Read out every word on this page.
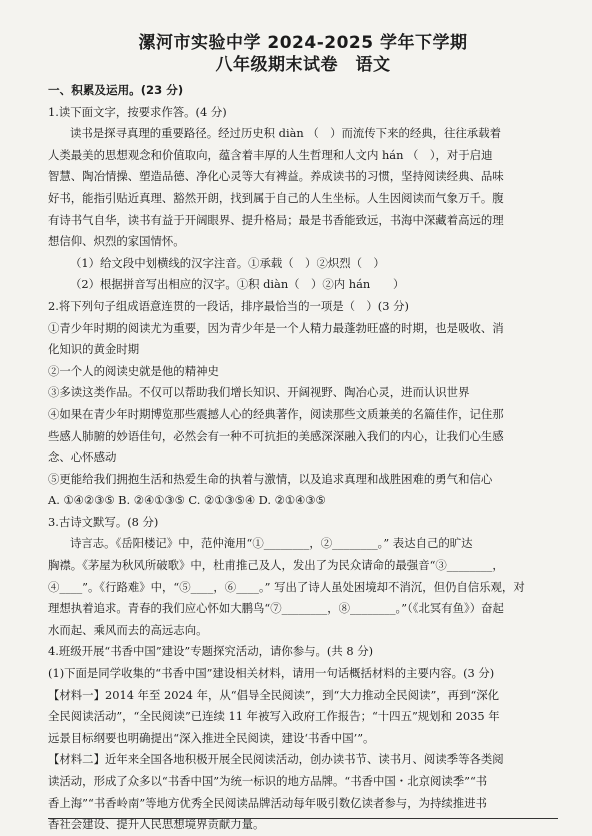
漯河市实验中学 2024-2025 学年下学期
八年级期末试卷　语文
一、积累及运用。(23 分)
1.读下面文字，按要求作答。(4 分)
读书是探寻真理的重要路径。经过历史积 diàn （　）而流传下来的经典，往往承载着
人类最美的思想观念和价值取向，蕴含着丰厚的人生哲理和人文内 hán （　），对于启迪
智慧、陶冶情操、塑造品德、净化心灵等大有裨益。养成读书的习惯，坚持阅读经典、品味
好书，能指引贴近真理、豁然开朗，找到属于自己的人生坐标。人生因阅读而气象万千。腹
有诗书气自华，读书有益于开阔眼界、提升格局；最是书香能致远，书海中深藏着高远的理
想信仰、炽烈的家国情怀。
（1）给文段中划横线的汉字注音。①承载（　）②炽烈（　）
（2）根据拼音写出相应的汉字。①积 diàn（　）②内 hán　　）
2.将下列句子组成语意连贯的一段话，排序最恰当的一项是（　）(3 分)
①青少年时期的阅读尤为重要，因为青少年是一个人精力最蓬勃旺盛的时期，也是吸收、消
化知识的黄金时期
②一个人的阅读史就是他的精神史
③多读这类作品。不仅可以帮助我们增长知识、开阔视野、陶冶心灵，进而认识世界
④如果在青少年时期博览那些震撼人心的经典著作，阅读那些文质兼美的名篇佳作，记住那
些感人肺腑的妙语佳句，必然会有一种不可抗拒的美感深深融入我们的内心，让我们心生感
念、心怀感动
⑤更能给我们拥抱生活和热爱生命的执着与激情，以及追求真理和战胜困难的勇气和信心
A. ①④②③⑤ B. ②④①③⑤ C. ②①③⑤④ D. ②①④③⑤
3.古诗文默写。(8 分)
诗言志。《岳阳楼记》中，范仲淹用“①________，②________。” 表达自己的旷达
胸襟。《茅屋为秋风所破歌》中，杜甫推己及人，发出了为民众请命的最强音“③________，
④____”。《行路难》中，“⑤____，⑥____。” 写出了诗人虽处困境却不消沉，但仍自信乐观，对
理想执着追求。青春的我们应心怀如大鹏鸟“⑦________，⑧________。”（《北冥有鱼》）奋起
水而起、乘风而去的高远志向。
4.班级开展“书香中国”建设”专题探究活动，请你参与。(共 8 分)
(1)下面是同学收集的“书香中国”建设相关材料，请用一句话概括材料的主要内容。(3 分)
【材料一】2014 年至 2024 年，从“倡导全民阅读”，到“大力推动全民阅读”，再到“深化
全民阅读活动”，“全民阅读”已连续 11 年被写入政府工作报告；“十四五”规划和 2035 年
远景目标纲要也明确提出“深入推进全民阅读，建设‘书香中国’”。
【材料二】近年来全国各地积极开展全民阅读活动，创办读书节、读书月、阅读季等各类阅
读活动，形成了众多以“书香中国”为统一标识的地方品牌。“书香中国・北京阅读季”“书
香上海”“书香岭南”等地方优秀全民阅读品牌活动每年吸引数亿读者参与，为持续推进书
香社会建设、提升人民思想境界贡献力量。
